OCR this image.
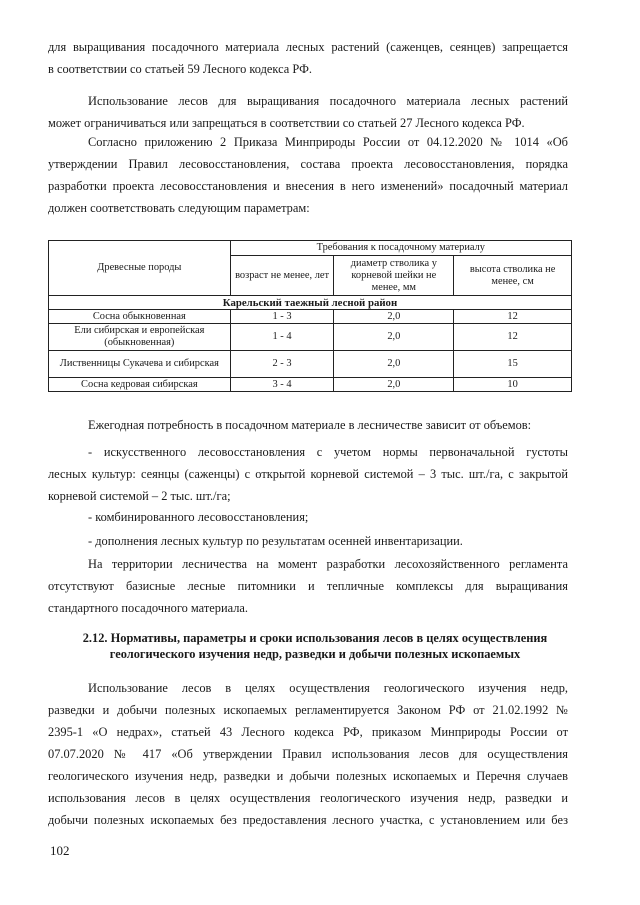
для выращивания посадочного материала лесных растений (саженцев, сеянцев) запрещается
в соответствии со статьей 59 Лесного кодекса РФ.
Использование лесов для выращивания посадочного материала лесных растений
может ограничиваться или запрещаться в соответствии со статьей 27 Лесного кодекса РФ.
Согласно приложению 2 Приказа Минприроды России от 04.12.2020 № 1014 «Об
утверждении Правил лесовосстановления, состава проекта лесовосстановления, порядка
разработки проекта лесовосстановления и внесения в него изменений» посадочный материал
должен соответствовать следующим параметрам:
Древесные породы	Требования к посадочному материалу		
	возраст не менее, лет	диаметр стволика у корневой шейки не менее, мм	высота стволика не менее, см
Карельский таежный лесной район			
Сосна обыкновенная	1 - 3	2,0	12
Ели сибирская и европейская (обыкновенная)	1 - 4	2,0	12
Лиственницы Сукачева и сибирская	2 - 3	2,0	15
Сосна кедровая сибирская	3 - 4	2,0	10

Ежегодная потребность в посадочном материале в лесничестве зависит от объемов:

- искусственного лесовосстановления с учетом нормы первоначальной густоты
лесных культур: сеянцы (саженцы) с открытой корневой системой – 3 тыс. шт./га, с закрытой
корневой системой – 2 тыс. шт./га;

- комбинированного лесовосстановления;

- дополнения лесных культур по результатам осенней инвентаризации.

На территории лесничества на момент разработки лесохозяйственного регламента
отсутствуют базисные лесные питомники и тепличные комплексы для выращивания
стандартного посадочного материала.
2.12. Нормативы, параметры и сроки использования лесов в целях осуществления
геологического изучения недр, разведки и добычи полезных ископаемых
Использование лесов в целях осуществления геологического изучения недр,
разведки и добычи полезных ископаемых регламентируется Законом РФ от 21.02.1992 №
2395-1 «О недрах», статьей 43 Лесного кодекса РФ, приказом Минприроды России от
07.07.2020 № 417 «Об утверждении Правил использования лесов для осуществления
геологического изучения недр, разведки и добычи полезных ископаемых и Перечня случаев
использования лесов в целях осуществления геологического изучения недр, разведки и
добычи полезных ископаемых без предоставления лесного участка, с установлением или без
102
